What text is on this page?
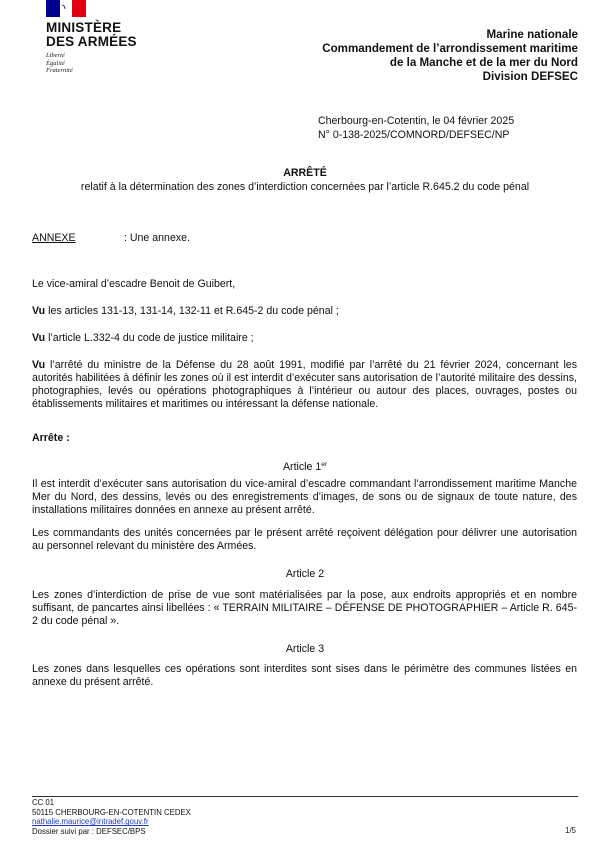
MINISTÈRE
DES ARMÉES
Liberté
Égalité
Fraternité
Marine nationale
Commandement de l’arrondissement maritime
de la Manche et de la mer du Nord
Division DEFSEC
Cherbourg-en-Cotentin, le 04 février 2025
N° 0-138-2025/COMNORD/DEFSEC/NP
ARRÊTÉ
relatif à la détermination des zones d’interdiction concernées par l’article R.645.2 du code pénal
ANNEXE	: Une annexe.
Le vice-amiral d’escadre Benoit de Guibert,
Vu les articles 131-13, 131-14, 132-11 et R.645-2 du code pénal ;
Vu l’article L.332-4 du code de justice militaire ;
Vu l’arrêté du ministre de la Défense du 28 août 1991, modifié par l’arrêté du 21 février 2024, concernant les autorités habilitées à définir les zones où il est interdit d’exécuter sans autorisation de l’autorité militaire des dessins, photographies, levés ou opérations photographiques à l’intérieur ou autour des places, ouvrages, postes ou établissements militaires et maritimes ou intéressant la défense nationale.
Arrête :
Article 1er
Il est interdit d’exécuter sans autorisation du vice-amiral d’escadre commandant l’arrondissement maritime Manche Mer du Nord, des dessins, levés ou des enregistrements d’images, de sons ou de signaux de toute nature, des installations militaires données en annexe au présent arrêté.
Les commandants des unités concernées par le présent arrêté reçoivent délégation pour délivrer une autorisation au personnel relevant du ministère des Armées.
Article 2
Les zones d’interdiction de prise de vue sont matérialisées par la pose, aux endroits appropriés et en nombre suffisant, de pancartes ainsi libellées : « TERRAIN MILITAIRE – DÉFENSE DE PHOTOGRAPHIER – Article R. 645-2 du code pénal ».
Article 3
Les zones dans lesquelles ces opérations sont interdites sont sises dans le périmètre des communes listées en annexe du présent arrêté.
CC 01
50115 CHERBOURG-EN-COTENTIN CEDEX
nathalie.maurice@intradef.gouv.fr
Dossier suivi par : DEFSEC/BPS	1/5
